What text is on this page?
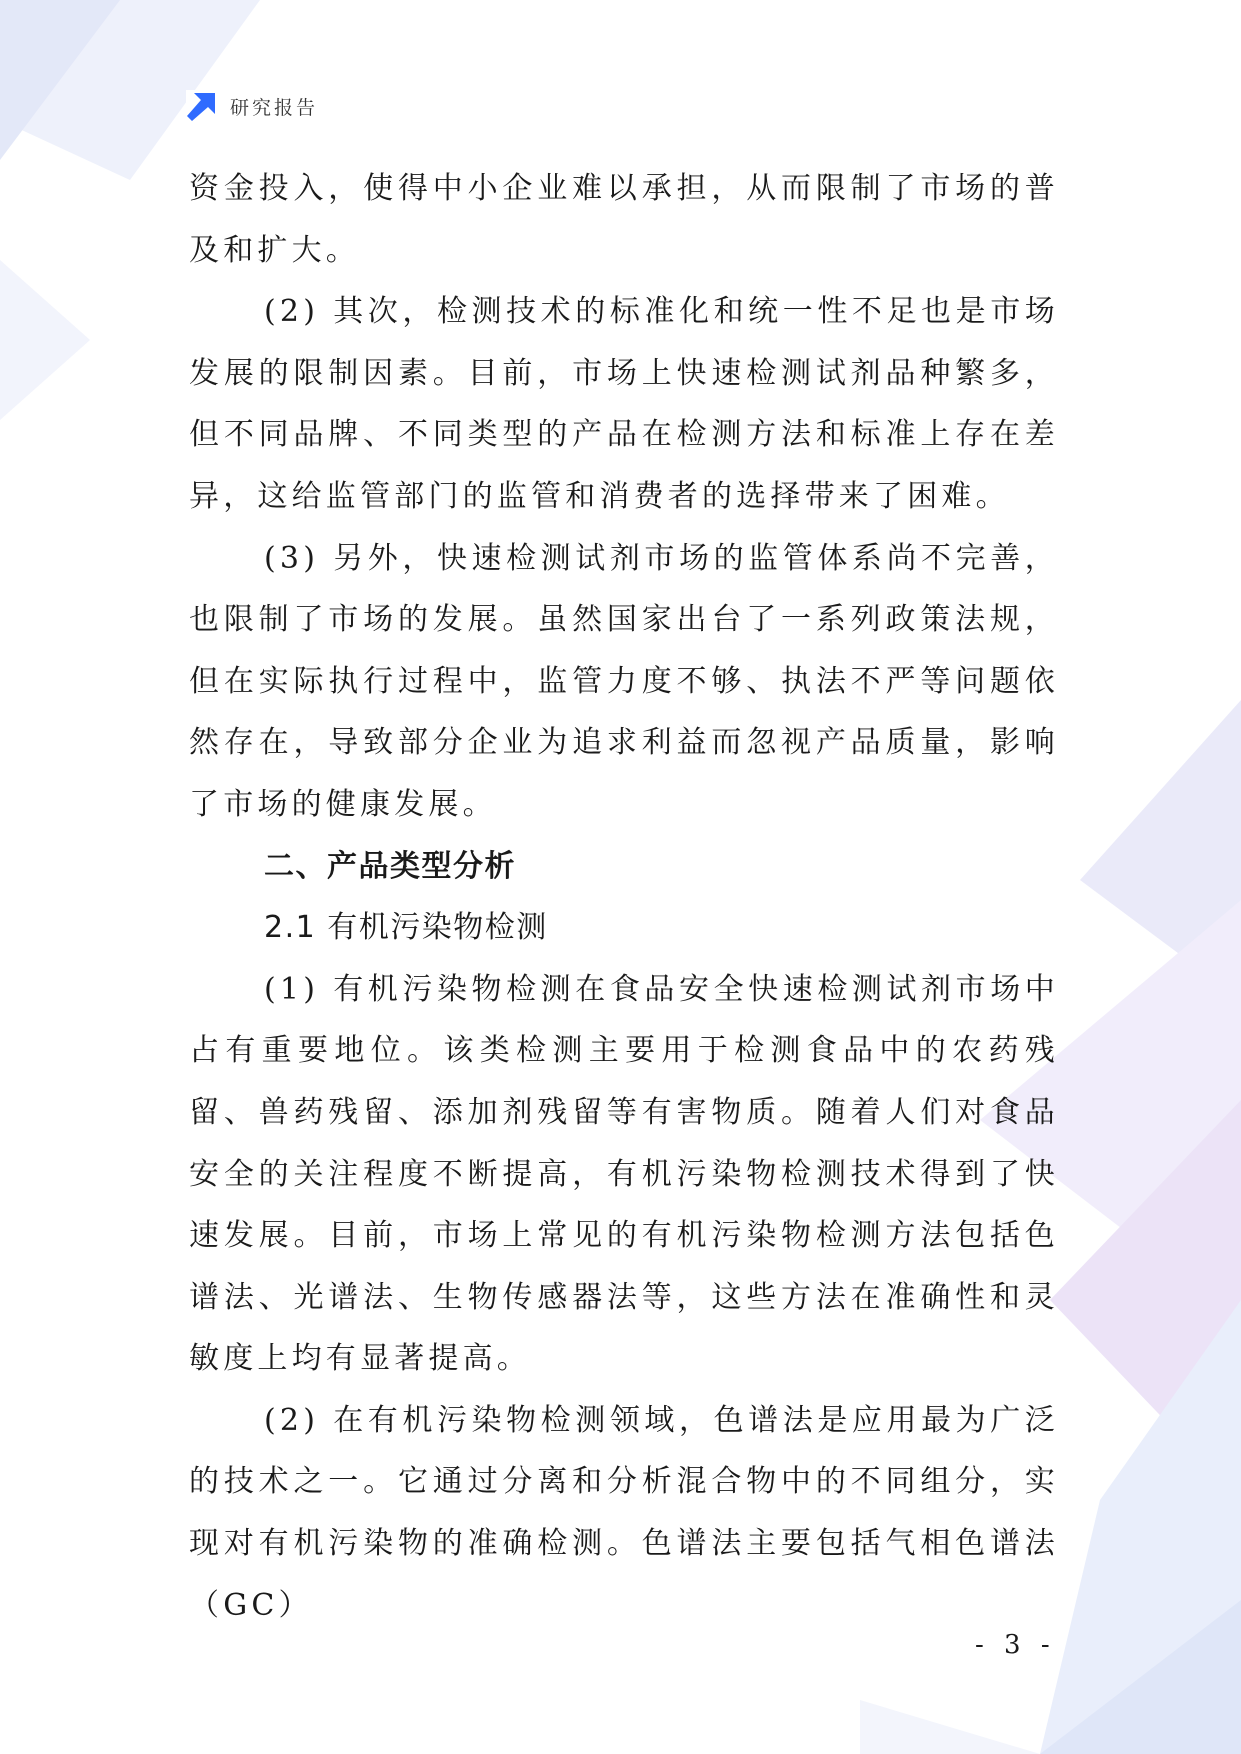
研究报告

资金投入，使得中小企业难以承担，从而限制了市场的普及和扩大。

(2) 其次，检测技术的标准化和统一性不足也是市场发展的限制因素。目前，市场上快速检测试剂品种繁多，但不同品牌、不同类型的产品在检测方法和标准上存在差异，这给监管部门的监管和消费者的选择带来了困难。

(3) 另外，快速检测试剂市场的监管体系尚不完善，也限制了市场的发展。虽然国家出台了一系列政策法规，但在实际执行过程中，监管力度不够、执法不严等问题依然存在，导致部分企业为追求利益而忽视产品质量，影响了市场的健康发展。

二、产品类型分析

2.1 有机污染物检测

(1) 有机污染物检测在食品安全快速检测试剂市场中占有重要地位。该类检测主要用于检测食品中的农药残留、兽药残留、添加剂残留等有害物质。随着人们对食品安全的关注程度不断提高，有机污染物检测技术得到了快速发展。目前，市场上常见的有机污染物检测方法包括色谱法、光谱法、生物传感器法等，这些方法在准确性和灵敏度上均有显著提高。

(2) 在有机污染物检测领域，色谱法是应用最为广泛的技术之一。它通过分离和分析混合物中的不同组分，实现对有机污染物的准确检测。色谱法主要包括气相色谱法（GC）

- 3 -
